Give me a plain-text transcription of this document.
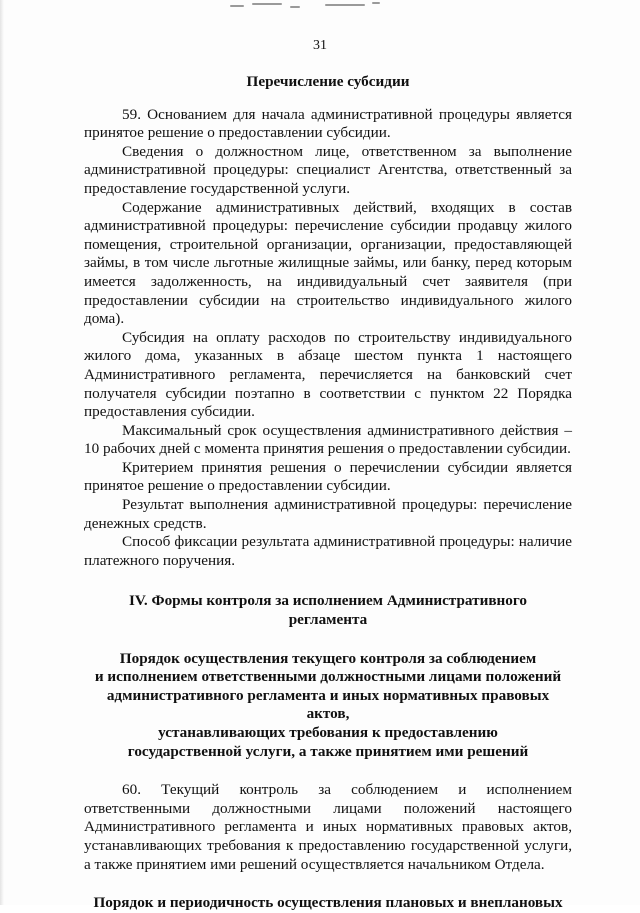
31

Перечисление субсидии

59. Основанием для начала административной процедуры является принятое решение о предоставлении субсидии.

Сведения о должностном лице, ответственном за выполнение административной процедуры: специалист Агентства, ответственный за предоставление государственной услуги.

Содержание административных действий, входящих в состав административной процедуры: перечисление субсидии продавцу жилого помещения, строительной организации, организации, предоставляющей займы, в том числе льготные жилищные займы, или банку, перед которым имеется задолженность, на индивидуальный счет заявителя (при предоставлении субсидии на строительство индивидуального жилого дома).

Субсидия на оплату расходов по строительству индивидуального жилого дома, указанных в абзаце шестом пункта 1 настоящего Административного регламента, перечисляется на банковский счет получателя субсидии поэтапно в соответствии с пунктом 22 Порядка предоставления субсидии.

Максимальный срок осуществления административного действия – 10 рабочих дней с момента принятия решения о предоставлении субсидии.

Критерием принятия решения о перечислении субсидии является принятое решение о предоставлении субсидии.

Результат выполнения административной процедуры: перечисление денежных средств.

Способ фиксации результата административной процедуры: наличие платежного поручения.

IV. Формы контроля за исполнением Административного

регламента

Порядок осуществления текущего контроля за соблюдением

и исполнением ответственными должностными лицами положений

административного регламента и иных нормативных правовых актов,

устанавливающих требования к предоставлению

государственной услуги, а также принятием ими решений

60. Текущий контроль за соблюдением и исполнением ответственными должностными лицами положений настоящего Административного регламента и иных нормативных правовых актов, устанавливающих требования к предоставлению государственной услуги, а также принятием ими решений осуществляется начальником Отдела.

Порядок и периодичность осуществления плановых и внеплановых
